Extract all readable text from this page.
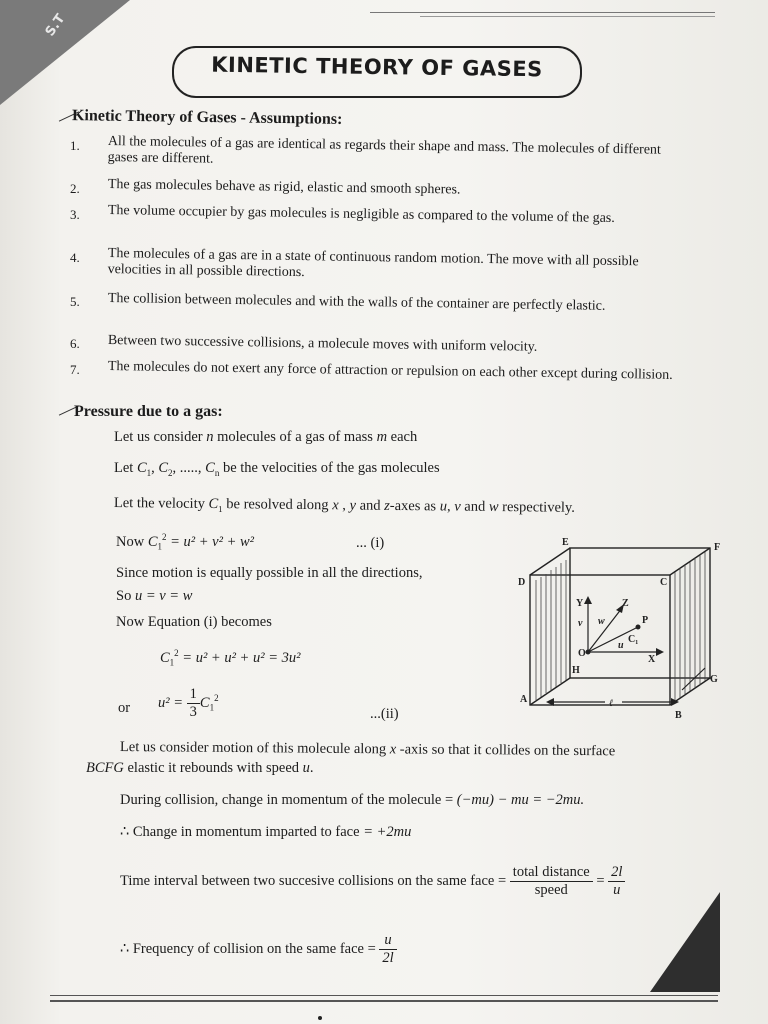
S.T
KINETIC THEORY OF GASES
Kinetic Theory of Gases - Assumptions:
1. All the molecules of a gas are identical as regards their shape and mass. The molecules of different gases are different.
2. The gas molecules behave as rigid, elastic and smooth spheres.
3. The volume occupier by gas molecules is negligible as compared to the volume of the gas.
4. The molecules of a gas are in a state of continuous random motion. The move with all possible velocities in all possible directions.
5. The collision between molecules and with the walls of the container are perfectly elastic.
6. Between two successive collisions, a molecule moves with uniform velocity.
7. The molecules do not exert any force of attraction or repulsion on each other except during collision.
Pressure due to a gas:
Let us consider n molecules of a gas of mass m each
Let $C_1$, $C_2$, ....., $C_n$ be the velocities of the gas molecules
Let the velocity $C_1$ be resolved along x , y and z-axes as u, v and w respectively.
Now $C_1^2 = u^2 + v^2 + w^2$	... (i)
Since motion is equally possible in all the directions,
So u = v = w
Now Equation (i) becomes
$C_1^2 = u^2 + u^2 + u^2 = 3u^2$
or $u^2 = \frac{1}{3} C_1^2$
...(ii)
E	F
D	C
Y	Z
P
v w
C₁
O
u
X
H
A
B
ℓ
G
Let us consider motion of this molecule along x -axis so that it collides on the surface
BCFG elastic it rebounds with speed u.
During collision, change in momentum of the molecule = (−mu) − mu = −2mu.
∴ Change in momentum imparted to face = +2mu
Time interval between two succesive collisions on the same face = $\frac{\text{total distance}}{\text{speed}} = \frac{2l}{u}$
∴ Frequency of collision on the same face = $\frac{u}{2l}$
